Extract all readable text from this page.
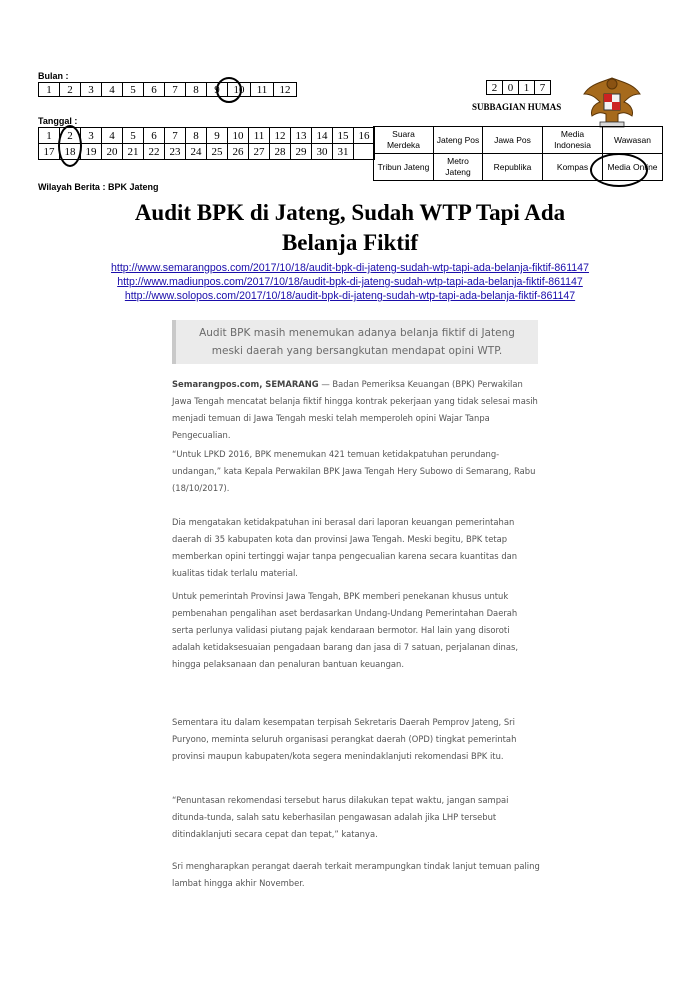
Bulan :
1	2	3	4	5	6	7	8	9	10	11	12	2	0	1	7
SUBBAGIAN HUMAS
Tanggal :
1	2	3	4	5	6	7	8	9	10	11	12	13	14	15	16
17	18	19	20	21	22	23	24	25	26	27	28	29	30	31	
Suara Merdeka	Jateng Pos	Jawa Pos	Media Indonesia	Wawasan
Tribun Jateng	Metro Jateng	Republika	Kompas	Media Online
Wilayah Berita : BPK Jateng
Audit BPK di Jateng, Sudah WTP Tapi Ada
Belanja Fiktif
http://www.semarangpos.com/2017/10/18/audit-bpk-di-jateng-sudah-wtp-tapi-ada-belanja-fiktif-861147
http://www.madiunpos.com/2017/10/18/audit-bpk-di-jateng-sudah-wtp-tapi-ada-belanja-fiktif-861147
http://www.solopos.com/2017/10/18/audit-bpk-di-jateng-sudah-wtp-tapi-ada-belanja-fiktif-861147
Audit BPK masih menemukan adanya belanja fiktif di Jateng meski daerah yang bersangkutan mendapat opini WTP.

Semarangpos.com, SEMARANG — Badan Pemeriksa Keuangan (BPK) Perwakilan Jawa Tengah mencatat belanja fiktif hingga kontrak pekerjaan yang tidak selesai masih menjadi temuan di Jawa Tengah meski telah memperoleh opini Wajar Tanpa Pengecualian.

“Untuk LPKD 2016, BPK menemukan 421 temuan ketidakpatuhan perundang-undangan,” kata Kepala Perwakilan BPK Jawa Tengah Hery Subowo di Semarang, Rabu (18/10/2017).

Dia mengatakan ketidakpatuhan ini berasal dari laporan keuangan pemerintahan daerah di 35 kabupaten kota dan provinsi Jawa Tengah. Meski begitu, BPK tetap memberkan opini tertinggi wajar tanpa pengecualian karena secara kuantitas dan kualitas tidak terlalu material.

Untuk pemerintah Provinsi Jawa Tengah, BPK memberi penekanan khusus untuk pembenahan pengalihan aset berdasarkan Undang-Undang Pemerintahan Daerah serta perlunya validasi piutang pajak kendaraan bermotor. Hal lain yang disoroti adalah ketidaksesuaian pengadaan barang dan jasa di 7 satuan, perjalanan dinas, hingga pelaksanaan dan penaluran bantuan keuangan.

Sementara itu dalam kesempatan terpisah Sekretaris Daerah Pemprov Jateng, Sri Puryono, meminta seluruh organisasi perangkat daerah (OPD) tingkat pemerintah provinsi maupun kabupaten/kota segera menindaklanjuti rekomendasi BPK itu.

“Penuntasan rekomendasi tersebut harus dilakukan tepat waktu, jangan sampai ditunda-tunda, salah satu keberhasilan pengawasan adalah jika LHP tersebut ditindaklanjuti secara cepat dan tepat,” katanya.

Sri mengharapkan perangat daerah terkait merampungkan tindak lanjut temuan paling lambat hingga akhir November.
